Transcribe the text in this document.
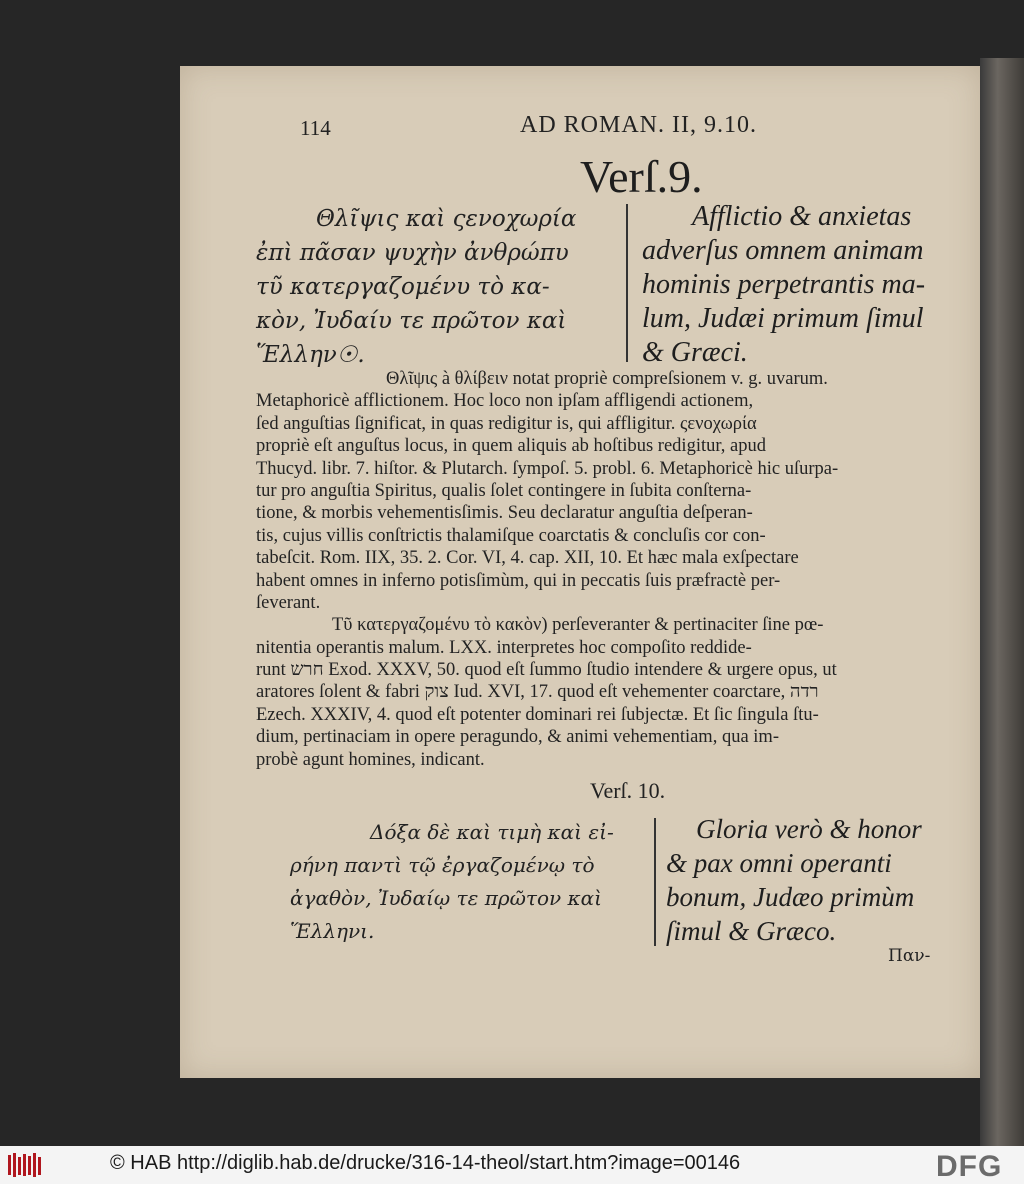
114	AD ROMAN. II, 9.10.
Verſ.9.
Θλῖψις καὶ ςενοχωρία
ἐπὶ πᾶσαν ψυχὴν ἀνθρώπυ
τῦ κατεργαζομένυ τὸ κα-
κὸν, Ἰυδαίυ τε πρῶτον καὶ
Ἕλλην☉.
Afflictio & anxietas
adverſus omnem animam
hominis perpetrantis ma-
lum, Judæi primum ſimul
& Græci.
Θλῖψις à θλίβειν notat propriè compreſsionem v. g. uvarum.
Metaphoricè afflictionem. Hoc loco non ipſam affligendi actionem,
ſed anguſtias ſignificat, in quas redigitur is, qui affligitur. ςενοχωρία
propriè eſt anguſtus locus, in quem aliquis ab hoſtibus redigitur, apud
Thucyd. libr. 7. hiſtor. & Plutarch. ſympoſ. 5. probl. 6. Metaphoricè hic uſurpa-
tur pro anguſtia Spiritus, qualis ſolet contingere in ſubita conſterna-
tione, & morbis vehementisſimis. Seu declaratur anguſtia deſperan-
tis, cujus villis conſtrictis thalamiſque coarctatis & concluſis cor con-
tabeſcit. Rom. IIX, 35. 2. Cor. VI, 4. cap. XII, 10. Et hæc mala exſpectare
habent omnes in inferno potisſimùm, qui in peccatis ſuis præfractè per-
ſeverant.
Τῦ κατεργαζομένυ τὸ κακὸν) perſeveranter & pertinaciter ſine pœ-
nitentia operantis malum. LXX. interpretes hoc compoſito reddide-
runt חרש Exod. XXXV, 50. quod eſt ſummo ſtudio intendere & urgere opus, ut
aratores ſolent & fabri צוק Iud. XVI, 17. quod eſt vehementer coarctare, רדה
Ezech. XXXIV, 4. quod eſt potenter dominari rei ſubjectæ. Et ſic ſingula ſtu-
dium, pertinaciam in opere peragundo, & animi vehementiam, qua im-
probè agunt homines, indicant.
Verſ. 10.
Δόξα δὲ καὶ τιμὴ καὶ εἰ-
ρήνη παντὶ τῷ ἐργαζομένῳ τὸ
ἀγαθὸν, Ἰυδαίῳ τε πρῶτον καὶ
Ἕλληνι.
Gloria verò & honor
& pax omni operanti
bonum, Judæo primùm
ſimul & Græco.
Παν-
© HAB http://diglib.hab.de/drucke/316-14-theol/start.htm?image=00146	DFG
